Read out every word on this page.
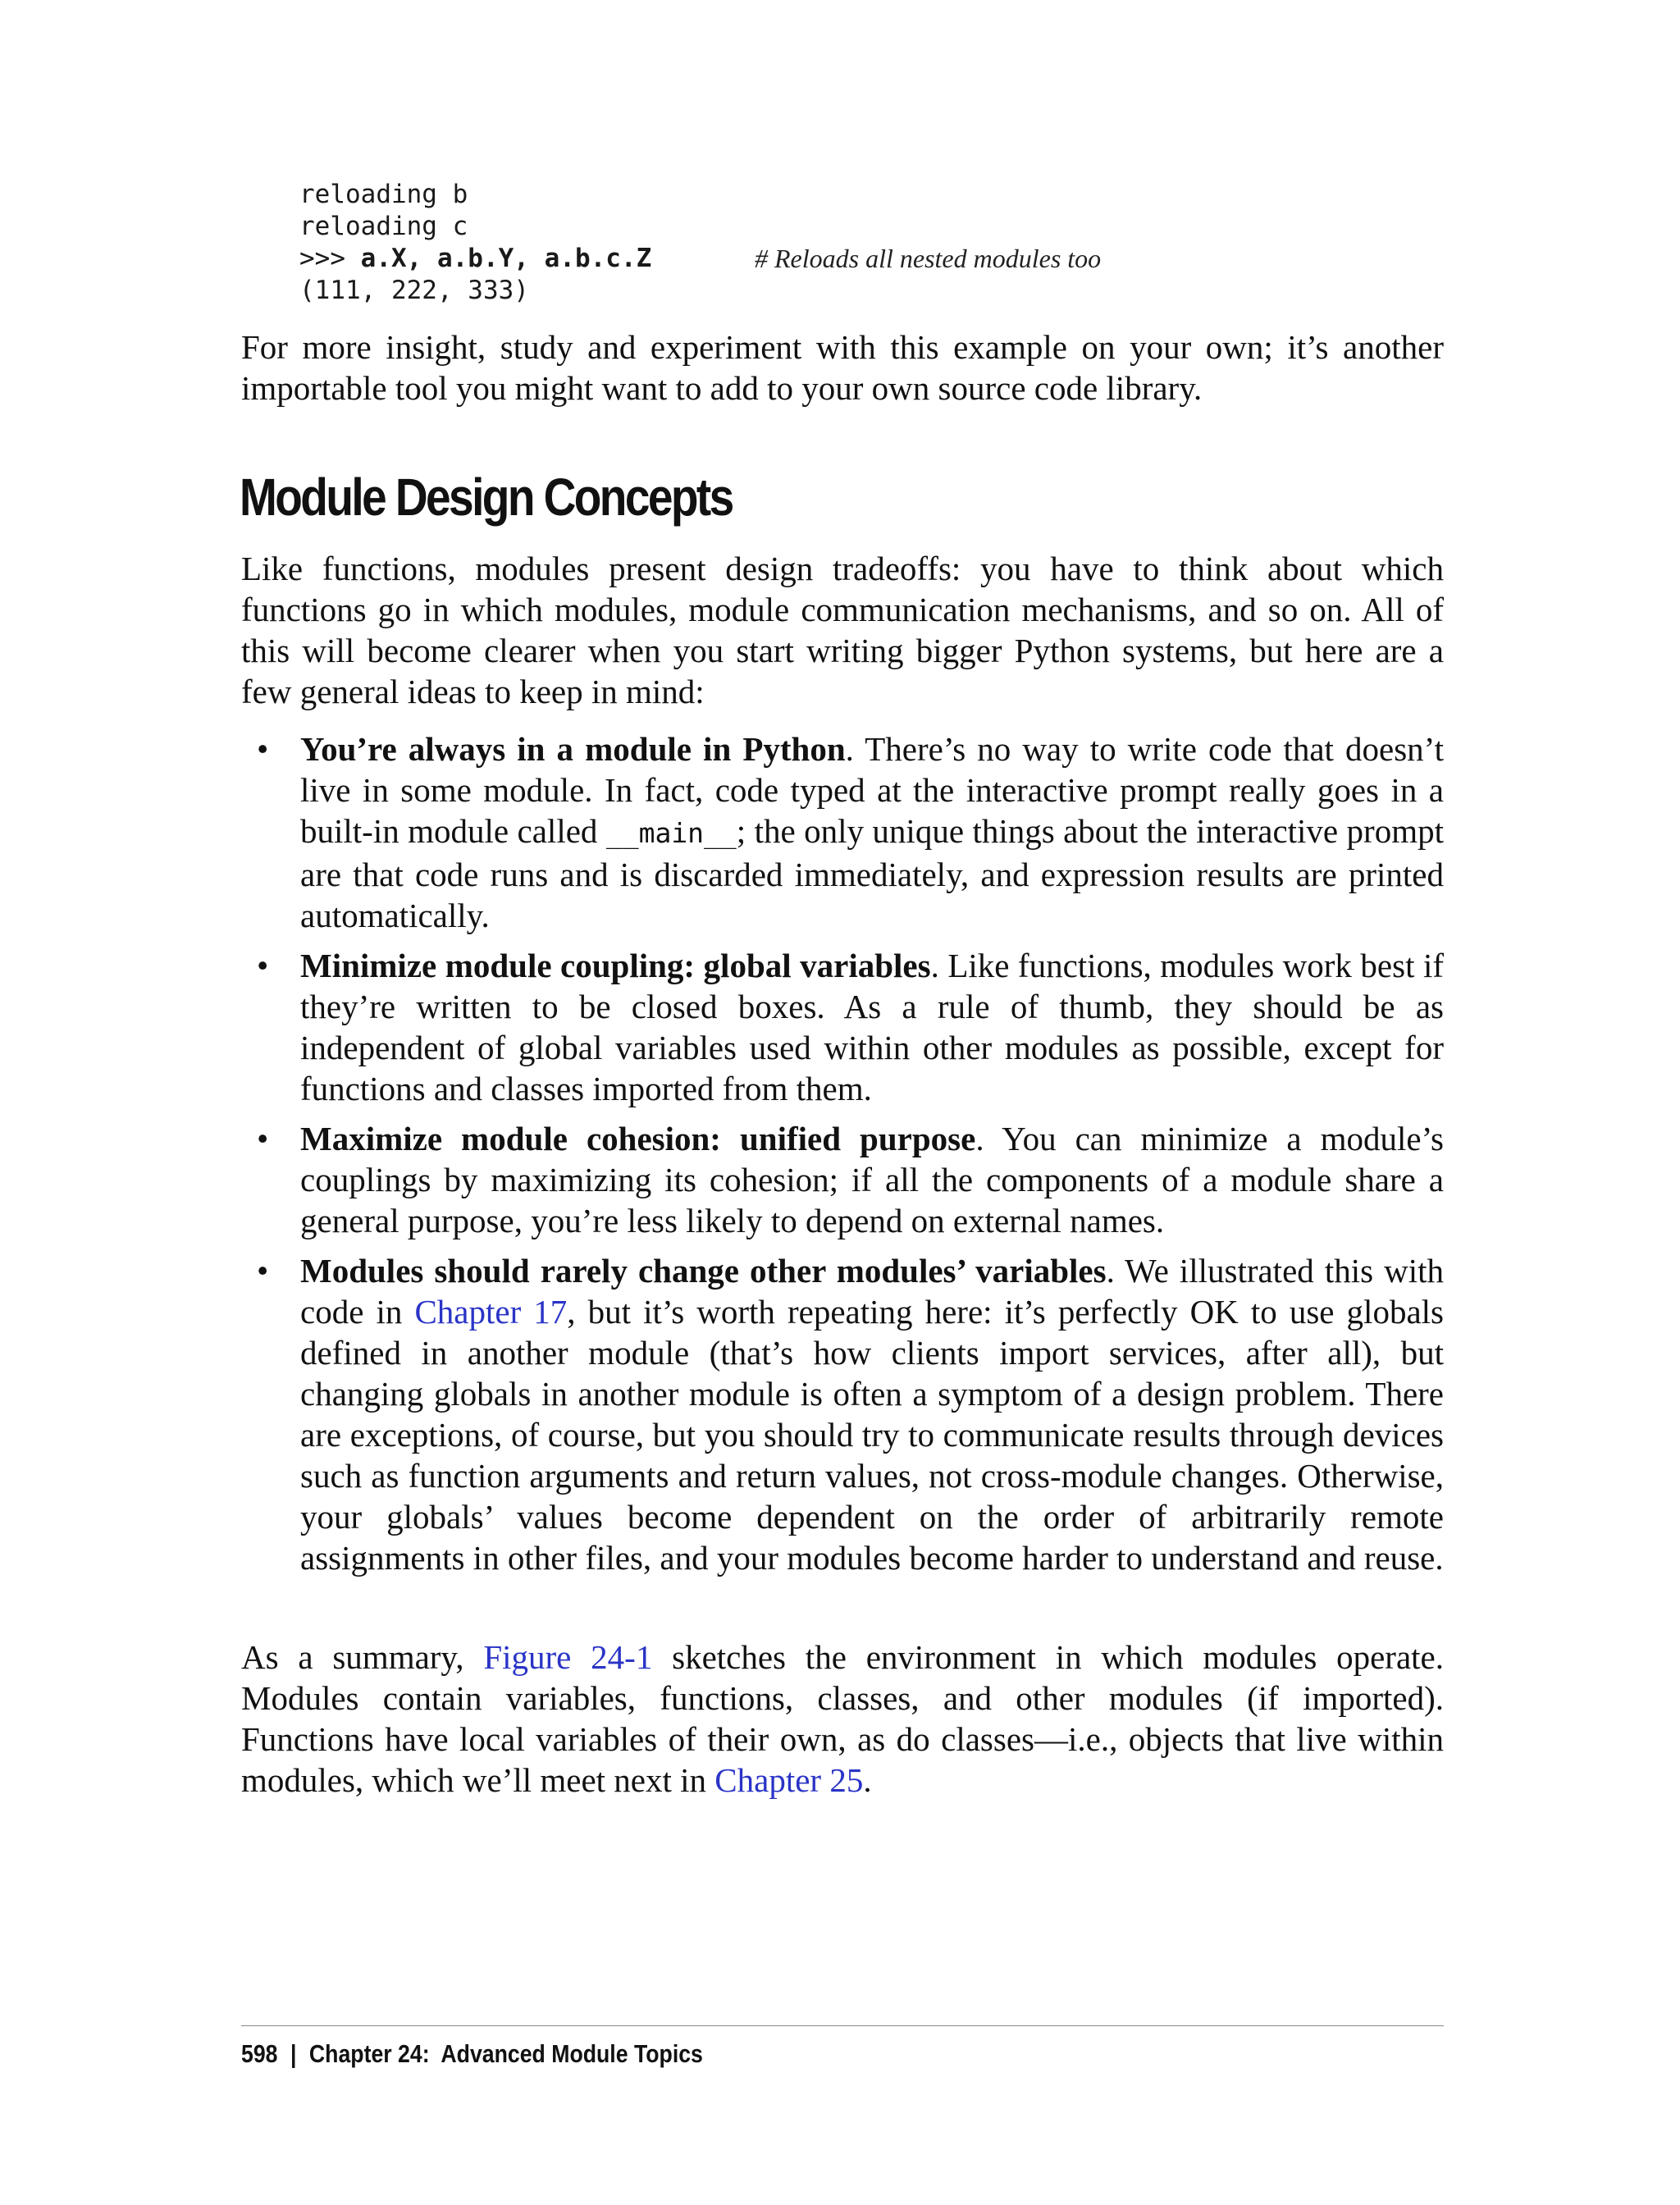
reloading b
reloading c
>>> a.X, a.b.Y, a.b.c.Z	# Reloads all nested modules too
(111, 222, 333)

For more insight, study and experiment with this example on your own; it’s another importable tool you might want to add to your own source code library.

Module Design Concepts

Like functions, modules present design tradeoffs: you have to think about which functions go in which modules, module communication mechanisms, and so on. All of this will become clearer when you start writing bigger Python systems, but here are a few general ideas to keep in mind:

• You’re always in a module in Python. There’s no way to write code that doesn’t live in some module. In fact, code typed at the interactive prompt really goes in a built-in module called __main__; the only unique things about the interactive prompt are that code runs and is discarded immediately, and expression results are printed automatically.
• Minimize module coupling: global variables. Like functions, modules work best if they’re written to be closed boxes. As a rule of thumb, they should be as independent of global variables used within other modules as possible, except for functions and classes imported from them.
• Maximize module cohesion: unified purpose. You can minimize a module’s couplings by maximizing its cohesion; if all the components of a module share a general purpose, you’re less likely to depend on external names.
• Modules should rarely change other modules’ variables. We illustrated this with code in Chapter 17, but it’s worth repeating here: it’s perfectly OK to use globals defined in another module (that’s how clients import services, after all), but changing globals in another module is often a symptom of a design problem. There are exceptions, of course, but you should try to communicate results through devices such as function arguments and return values, not cross-module changes. Otherwise, your globals’ values become dependent on the order of arbitrarily remote assignments in other files, and your modules become harder to understand and reuse.

As a summary, Figure 24-1 sketches the environment in which modules operate. Modules contain variables, functions, classes, and other modules (if imported). Functions have local variables of their own, as do classes—i.e., objects that live within modules, which we’ll meet next in Chapter 25.

598 | Chapter 24:  Advanced Module Topics
